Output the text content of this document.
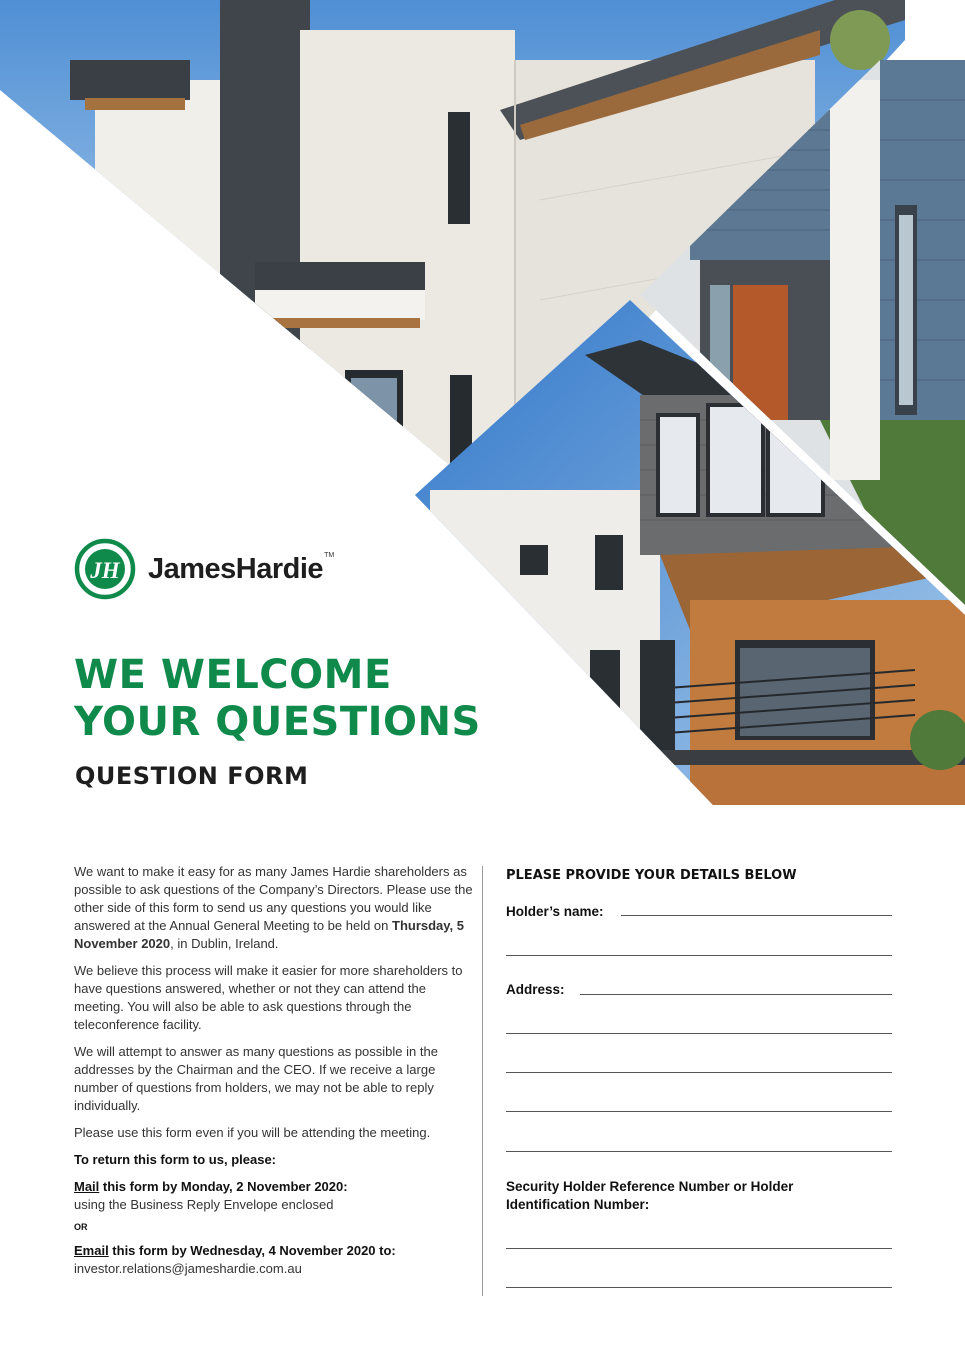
JH JamesHardie TM
WE WELCOME
YOUR QUESTIONS
QUESTION FORM

We want to make it easy for as many James Hardie shareholders as possible to ask questions of the Company’s Directors. Please use the other side of this form to send us any questions you would like answered at the Annual General Meeting to be held on Thursday, 5 November 2020, in Dublin, Ireland.

We believe this process will make it easier for more shareholders to have questions answered, whether or not they can attend the meeting. You will also be able to ask questions through the teleconference facility.

We will attempt to answer as many questions as possible in the addresses by the Chairman and the CEO. If we receive a large number of questions from holders, we may not be able to reply individually.

Please use this form even if you will be attending the meeting.

To return this form to us, please:

Mail this form by Monday, 2 November 2020:
using the Business Reply Envelope enclosed
OR
Email this form by Wednesday, 4 November 2020 to:
investor.relations@jameshardie.com.au
PLEASE PROVIDE YOUR DETAILS BELOW
Holder’s name:
Address:
Security Holder Reference Number or Holder Identification Number:
